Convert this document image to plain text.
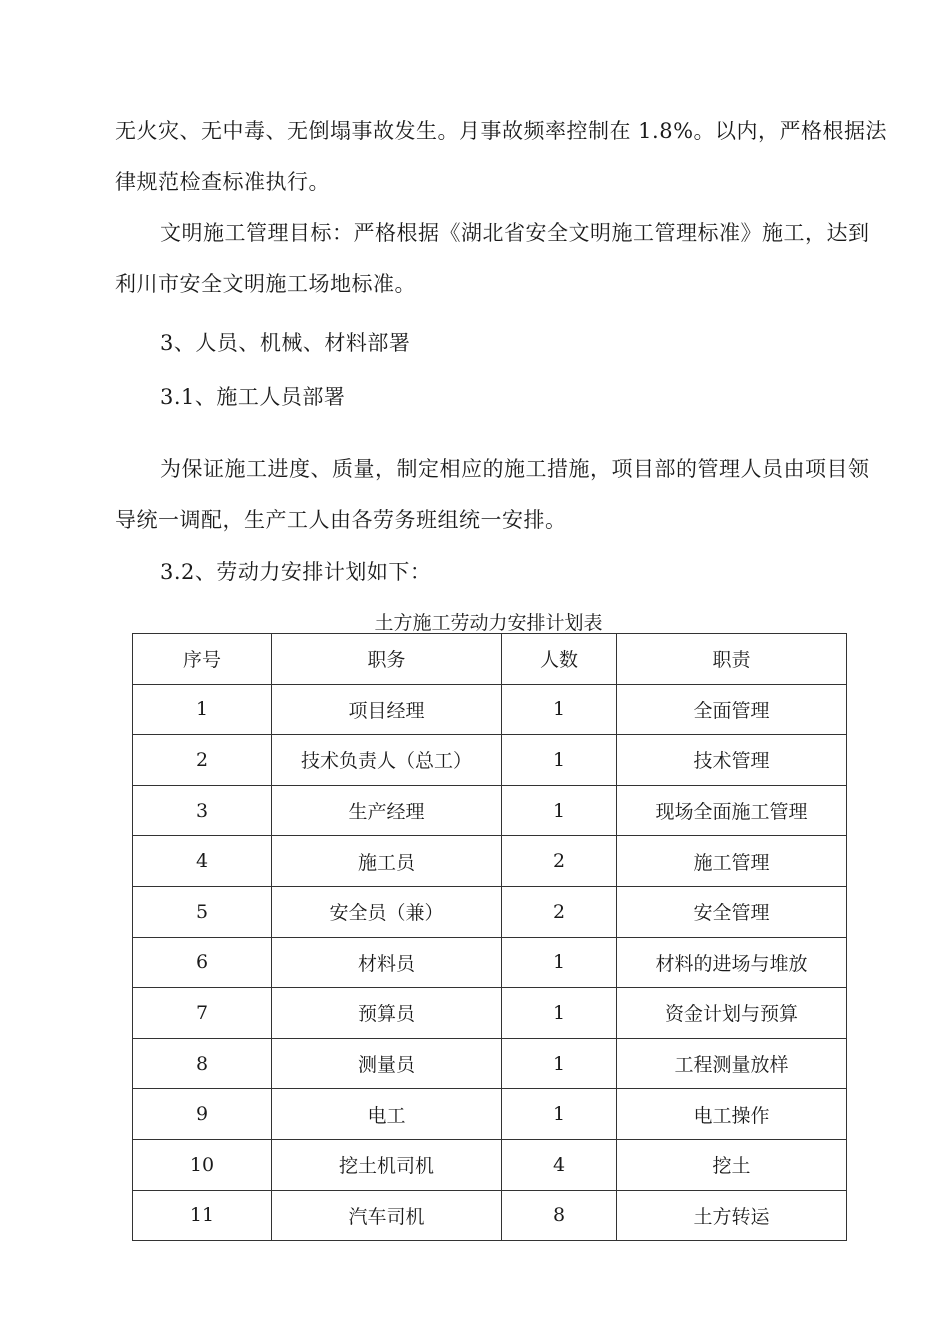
无火灾、无中毒、无倒塌事故发生。月事故频率控制在 1.8%。以内，严格根据法
律规范检查标准执行。
文明施工管理目标：严格根据《湖北省安全文明施工管理标准》施工，达到
利川市安全文明施工场地标准。
3、人员、机械、材料部署
3.1、施工人员部署
为保证施工进度、质量，制定相应的施工措施，项目部的管理人员由项目领
导统一调配，生产工人由各劳务班组统一安排。
3.2、劳动力安排计划如下：
土方施工劳动力安排计划表
序号	职务	人数	职责
1	项目经理	1	全面管理
2	技术负责人（总工）	1	技术管理
3	生产经理	1	现场全面施工管理
4	施工员	2	施工管理
5	安全员（兼）	2	安全管理
6	材料员	1	材料的进场与堆放
7	预算员	1	资金计划与预算
8	测量员	1	工程测量放样
9	电工	1	电工操作
10	挖土机司机	4	挖土
11	汽车司机	8	土方转运
